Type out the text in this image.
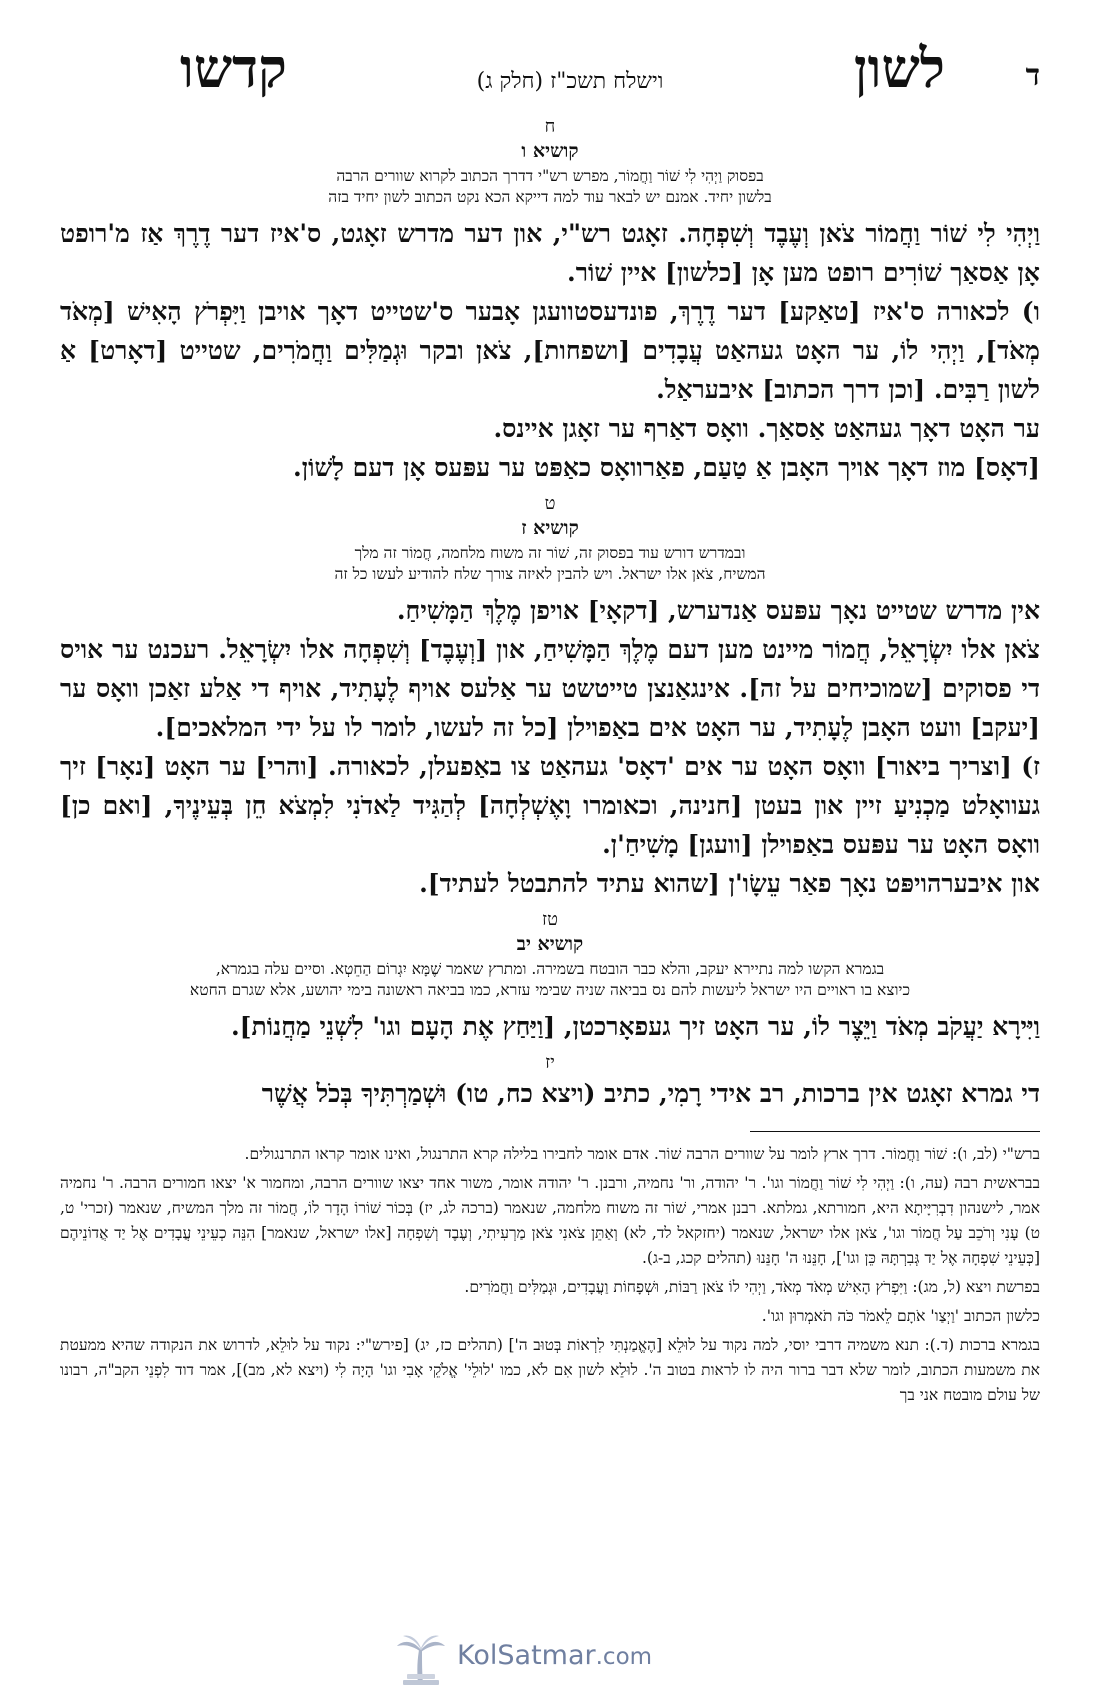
ד
לשון
וישלח תשכ"ז (חלק ג)
קדשו
ח
קושיא ו
בפסוק וַיְהִי לִי שׁוֹר וַחֲמוֹר, מפרש רש"י דדרך הכתוב לקרוא שוורים הרבה
בלשון יחיד. אמנם יש לבאר עוד למה דייקא הכא נקט הכתוב לשון יחיד בזה

וַיְהִי לִי שׁוֹר וַחֲמוֹר צֹאן וְעֶבֶד וְשִׁפְחָה. זאָגט רש"י, און דער מדרש זאָגט, ס'איז דער דֶרֶךְ אַז מ'רופט אָן אַסאַך שׁוֹרִים רופט מען אָן [כלשון] איין שׁוֹר.

ו) לכאורה ס'איז [טאַקע] דער דֶרֶךְ, פונדעסטוועגן אָבער ס'שטייט דאָך אויבן וַיִּפְרֹץ הָאִישׁ [מְאֹד מְאֹד], וַיְהִי לוֹ, ער האָט געהאַט עֲבָדִים [ושפחות], צֹאן ובקר וּגְמַלִּים וַחֲמֹרִים, שטייט [דאָרט] אַ לשון רַבִּים. [וכן דרך הכתוב] איבעראַל.

ער האָט דאָך געהאַט אַסאַך. וואָס דאַרף ער זאָגן איינס.

[דאָס] מוז דאָך אויך האָבן אַ טַעַם, פאַרוואָס כאַפּט ער עפּעס אָן דעם לָשׁוֹן.

ט
קושיא ז
ובמדרש דורש עוד בפסוק זה, שׁוֹר זה משוח מלחמה, חֲמוֹר זה מלך
המשיח, צֹאן אלו ישראל. ויש להבין לאיזה צורך שלח להודיע לעשו כל זה

אין מדרש שטייט נאָך עפּעס אַנדערש, [דקאָי] אויפן מֶלֶךְ הַמָּשִׁיחַ.

צֹאן אלו יִשְׂרָאֵל, חֲמוֹר מיינט מען דעם מֶלֶךְ הַמָּשִׁיחַ, און [וְעֶבֶד] וְשִׁפְחָה אלו יִשְׂרָאֵל. רעכנט ער אויס די פסוקים [שמוכיחים על זה]. אינגאַנצן טייטשט ער אַלעס אויף לֶעָתִיד, אויף די אַלע זאַכן וואָס ער [יעקב] וועט האָבן לֶעָתִיד, ער האָט אים באַפוילן [כל זה לעשו, לומר לו על ידי המלאכים].

ז) [וצריך ביאור] וואָס האָט ער אים 'דאָס' געהאַט צו באַפעלן, לכאורה. [והרי] ער האָט [נאָר] זיך געוואָלט מַכְנִיעַ זיין און בעטן [חנינה, וכאומרו וָאֶשְׁלְחָה] לְהַגִּיד לַאדֹנִי לִמְצֹא חֵן בְּעֵינֶיךָ, [ואם כן] וואָס האָט ער עפּעס באַפוילן [וועגן] מָשִׁיחַ'ן.

און איבערהויפּט נאָך פאַר עֵשָׂו'ן [שהוא עתיד להתבטל לעתיד].

טז
קושיא יב
בגמרא הקשו למה נתיירא יעקב, והלא כבר הובטח בשמירה. ומתרץ שאמר שֶׁמָּא יִגְרוֹם הַחֵטְא. וסיים עלה בגמרא,
כיוצא בו ראויים היו ישראל ליעשות להם נס בביאה שניה שבימי עזרא, כמו בביאה ראשונה בימי יהושע, אלא שגרם החטא

וַיִּירָא יַעֲקֹב מְאֹד וַיֵּצֶר לוֹ, ער האָט זיך געפאָרכטן, [וַיַּחַץ אֶת הָעָם וגו' לִשְׁנֵי מַחֲנוֹת].

יז

די גמרא זאָגט אין ברכות, רב אידי רָמִי, כתיב (ויצא כח, טו) וּשְׁמַרְתִּיךָ בְּכֹל אֲשֶׁר

ברש"י (לב, ו): שׁוֹר וַחֲמוֹר. דרך ארץ לומר על שוורים הרבה שׁוֹר. אדם אומר לחבירו בלילה קרא התרנגול, ואינו אומר קראו התרנגולים.

בבראשית רבה (עה, ו): וַיְהִי לִי שׁוֹר וַחֲמוֹר וגו'. ר' יהודה, ור' נחמיה, ורבנן. ר' יהודה אומר, משור אחד יצאו שוורים הרבה, ומחמור א' יצאו חמורים הרבה. ר' נחמיה אמר, לישנהון דִבְרִיָּיתָא היא, חמורתא, גמלתא. רבנן אמרי, שׁוֹר זה משוח מלחמה, שנאמר (ברכה לג, יז) בְּכוֹר שׁוֹרוֹ הָדָר לוֹ, חֲמוֹר זה מלך המשיח, שנאמר (זכרי' ט, ט) עָנִי וְרֹכֵב עַל חֲמוֹר וגו', צֹאן אלו ישראל, שנאמר (יחזקאל לד, לא) וְאַתֵּן צֹאנִי צֹאן מַרְעִיתִי, וְעֶבֶד וְשִׁפְחָה [אלו ישראל, שנאמר] הִנֵּה כְעֵינֵי עֲבָדִים אֶל יַד אֲדוֹנֵיהֶם [כְּעֵינֵי שִׁפְחָה אֶל יַד גְּבִרְתָּהּ כֵּן וגו'], חָנֵּנוּ ה' חָנֵּנוּ (תהלים קכג, ב-ג).

בפרשת ויצא (ל, מג): וַיִּפְרֹץ הָאִישׁ מְאֹד מְאֹד, וַיְהִי לוֹ צֹאן רַבּוֹת, וּשְׁפָחוֹת וַעֲבָדִים, וּגְמַלִּים וַחֲמֹרִים.

כלשון הכתוב 'וַיְצַו' אֹתָם לֵאמֹר כֹּה תֹאמְרוּן וגו'.

בגמרא ברכות (ד.): תנא משמיה דרבי יוסי, למה נקוד על לוּלֵא [הֶאֱמַנְתִּי לִרְאוֹת בְּטוּב ה'] (תהלים כז, יג) [פירש"י: נקוד על לוּלֵא, לדרוש את הנקודה שהיא ממעטת את משמעות הכתוב, לומר שלא דבר ברור היה לו לראות בטוב ה'. לוּלֵא לשון אִם לֹא, כמו 'לוּלֵי' אֱלֹקֵי אָבִי וגו' הָיָה לִי (ויצא לא, מב)], אמר דוד לִפְנֵי הקב"ה, רבונו של עולם מובטח אני בך

KolSatmar.com
